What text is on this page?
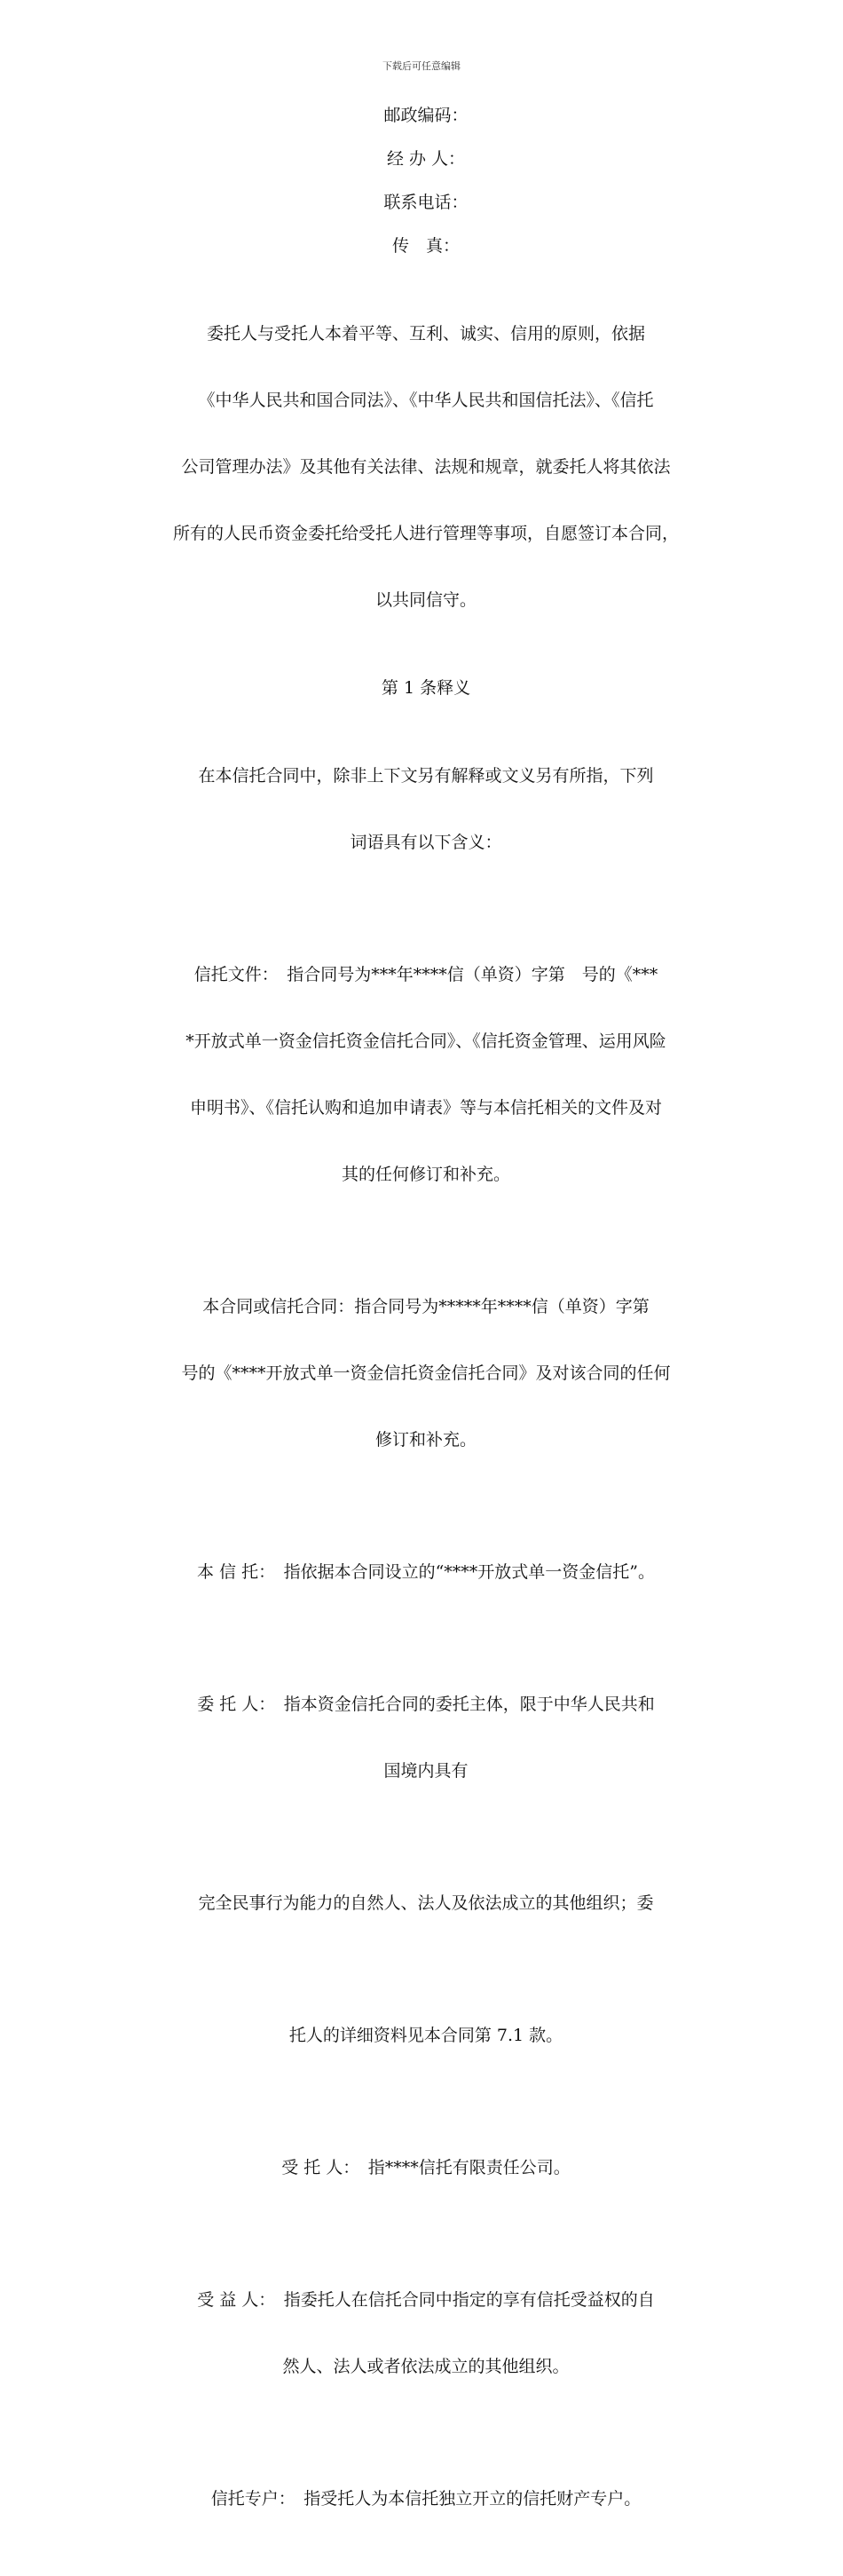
下载后可任意编辑

邮政编码：

经 办 人：

联系电话：

传　真：

委托人与受托人本着平等、互利、诚实、信用的原则，依据

《中华人民共和国合同法》、《中华人民共和国信托法》、《信托

公司管理办法》及其他有关法律、法规和规章，就委托人将其依法

所有的人民币资金委托给受托人进行管理等事项，自愿签订本合同，

以共同信守。

第 1 条释义

在本信托合同中，除非上下文另有解释或文义另有所指，下列

词语具有以下含义：

信托文件：　指合同号为***年****信（单资）字第　号的《***

*开放式单一资金信托资金信托合同》、《信托资金管理、运用风险

申明书》、《信托认购和追加申请表》等与本信托相关的文件及对

其的任何修订和补充。

本合同或信托合同：指合同号为*****年****信（单资）字第

号的《****开放式单一资金信托资金信托合同》及对该合同的任何

修订和补充。

本 信 托：　指依据本合同设立的“****开放式单一资金信托”。

委 托 人：　指本资金信托合同的委托主体，限于中华人民共和

国境内具有

完全民事行为能力的自然人、法人及依法成立的其他组织；委

托人的详细资料见本合同第 7.1 款。

受 托 人：　指****信托有限责任公司。

受 益 人：　指委托人在信托合同中指定的享有信托受益权的自

然人、法人或者依法成立的其他组织。

信托专户：　指受托人为本信托独立开立的信托财产专户。
